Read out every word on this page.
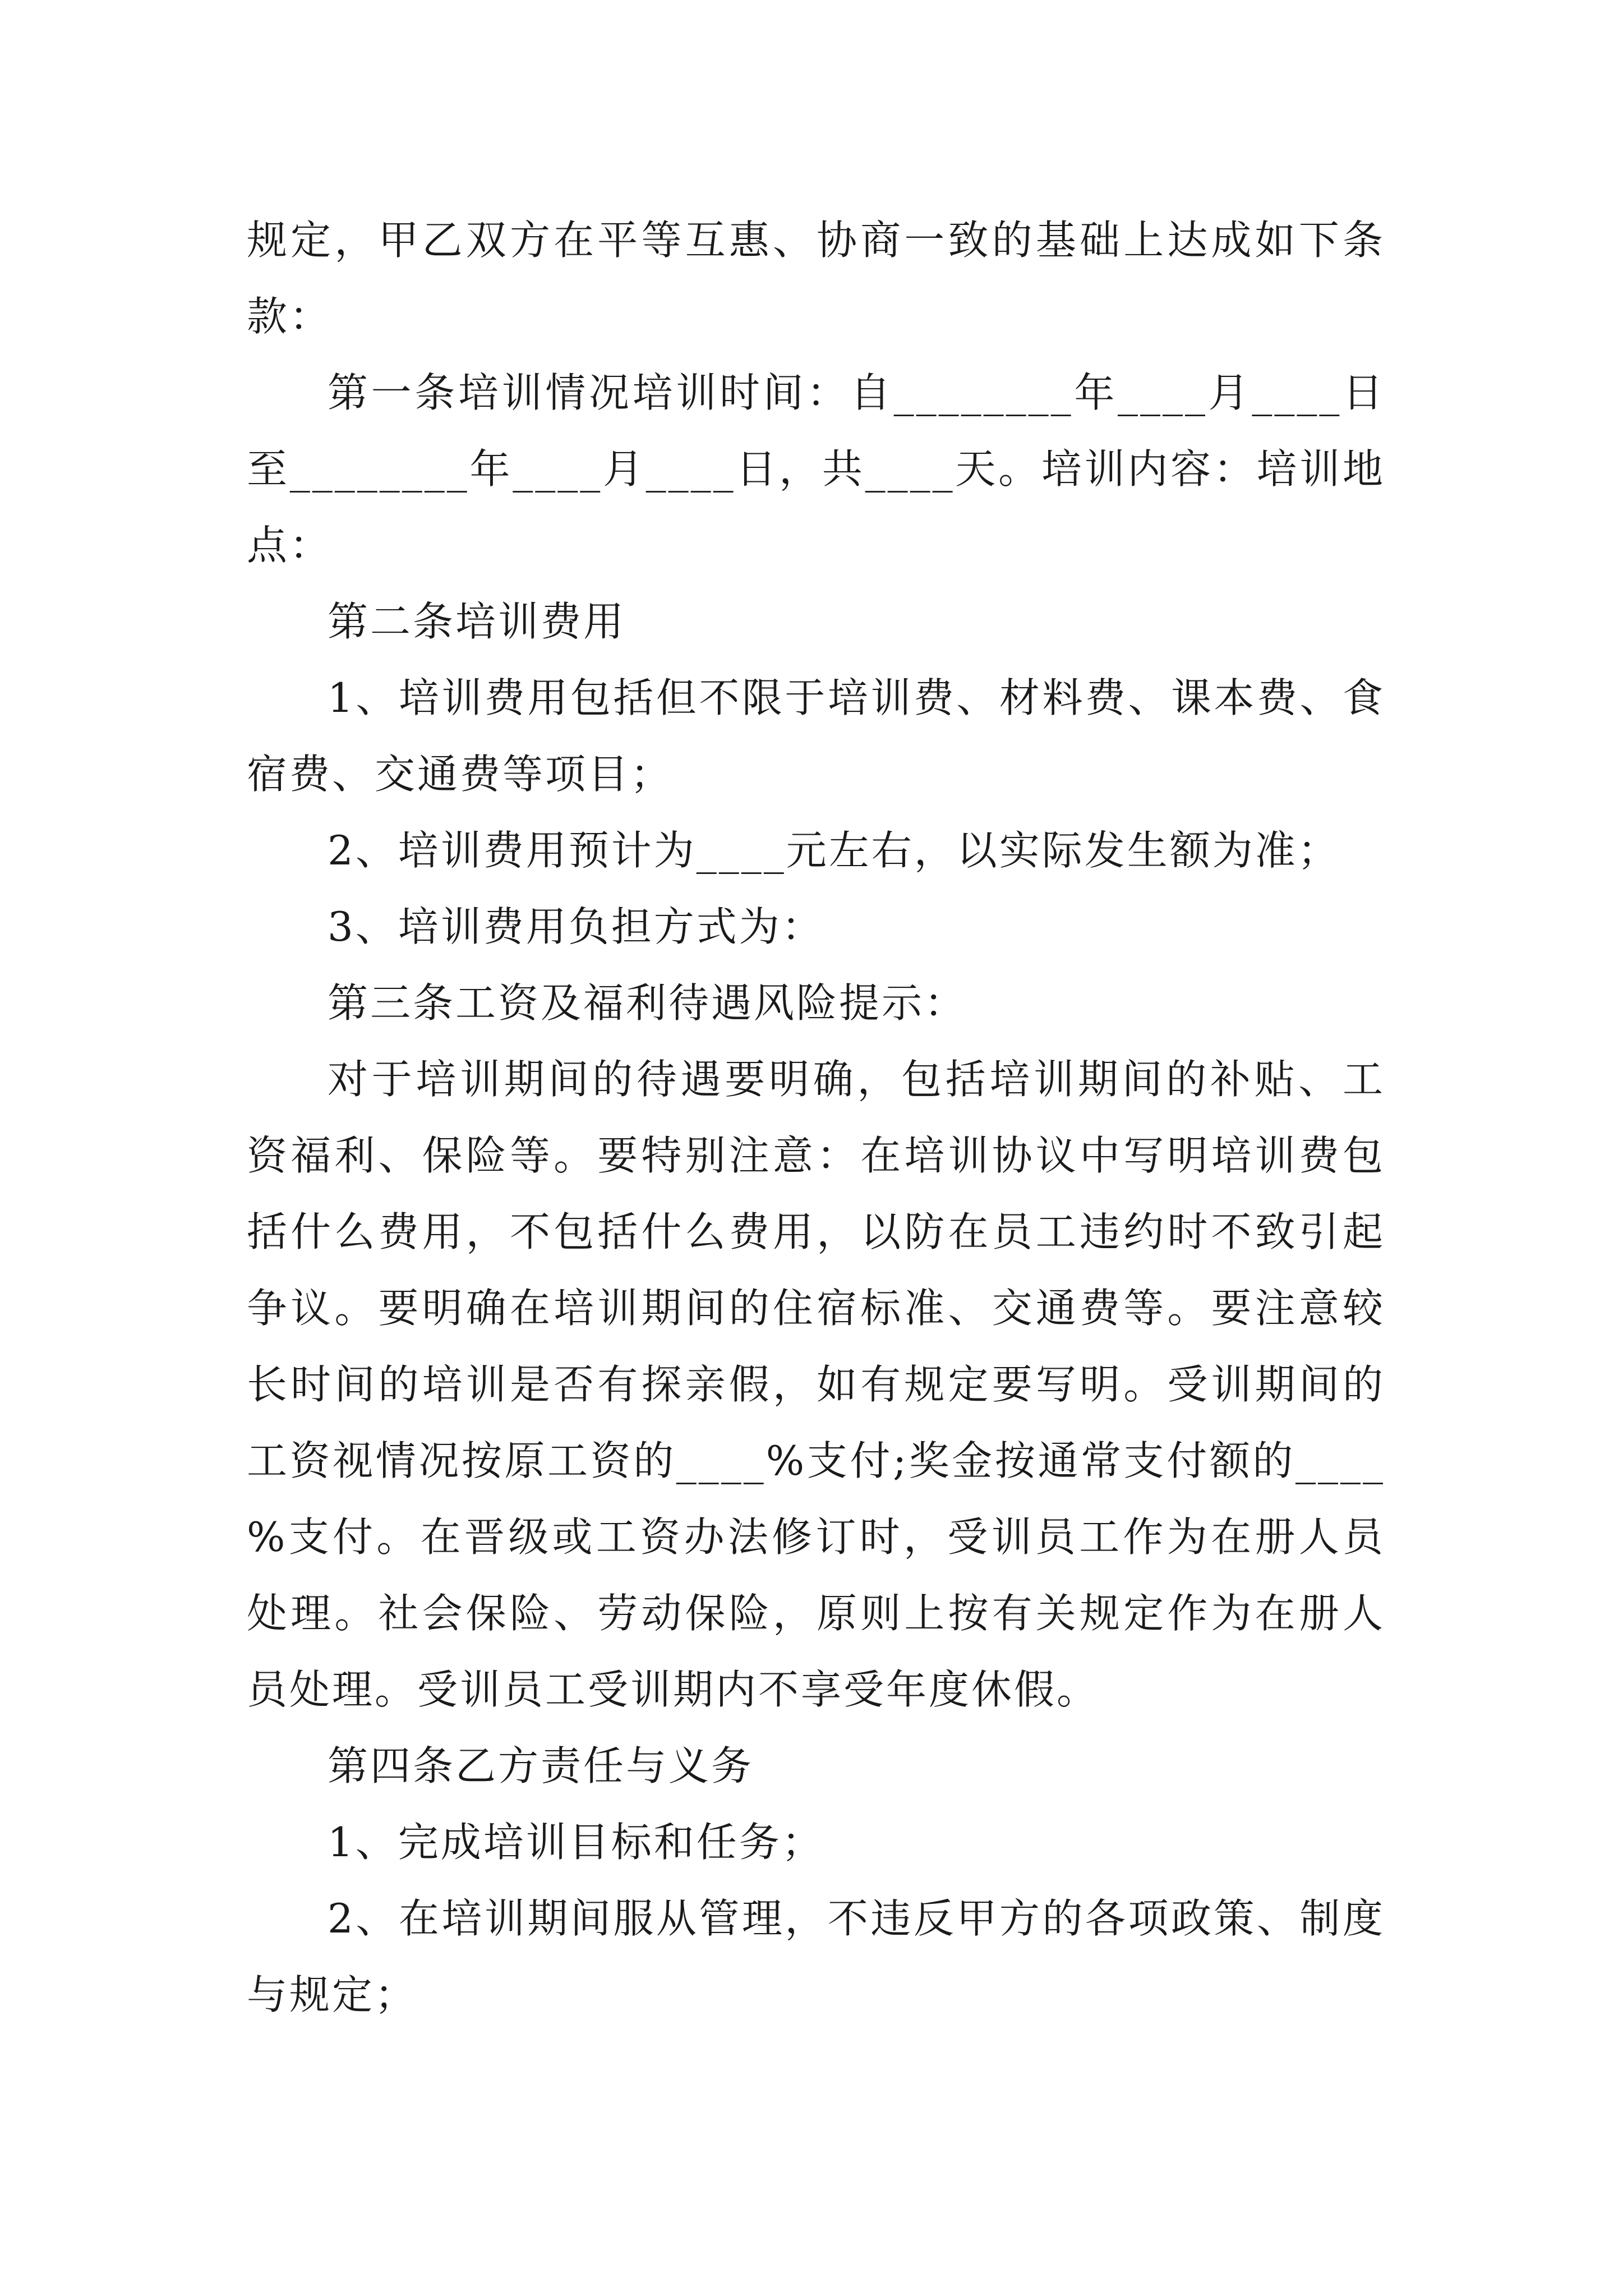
规定，甲乙双方在平等互惠、协商一致的基础上达成如下条款：

第一条培训情况培训时间：自________年____月____日至________年____月____日，共____天。培训内容：培训地点：

第二条培训费用

1、培训费用包括但不限于培训费、材料费、课本费、食宿费、交通费等项目；

2、培训费用预计为____元左右，以实际发生额为准；

3、培训费用负担方式为：

第三条工资及福利待遇风险提示：

对于培训期间的待遇要明确，包括培训期间的补贴、工资福利、保险等。要特别注意：在培训协议中写明培训费包括什么费用，不包括什么费用，以防在员工违约时不致引起争议。要明确在培训期间的住宿标准、交通费等。要注意较长时间的培训是否有探亲假，如有规定要写明。受训期间的工资视情况按原工资的____%支付;奖金按通常支付额的____%支付。在晋级或工资办法修订时，受训员工作为在册人员处理。社会保险、劳动保险，原则上按有关规定作为在册人员处理。受训员工受训期内不享受年度休假。

第四条乙方责任与义务

1、完成培训目标和任务；

2、在培训期间服从管理，不违反甲方的各项政策、制度与规定；
